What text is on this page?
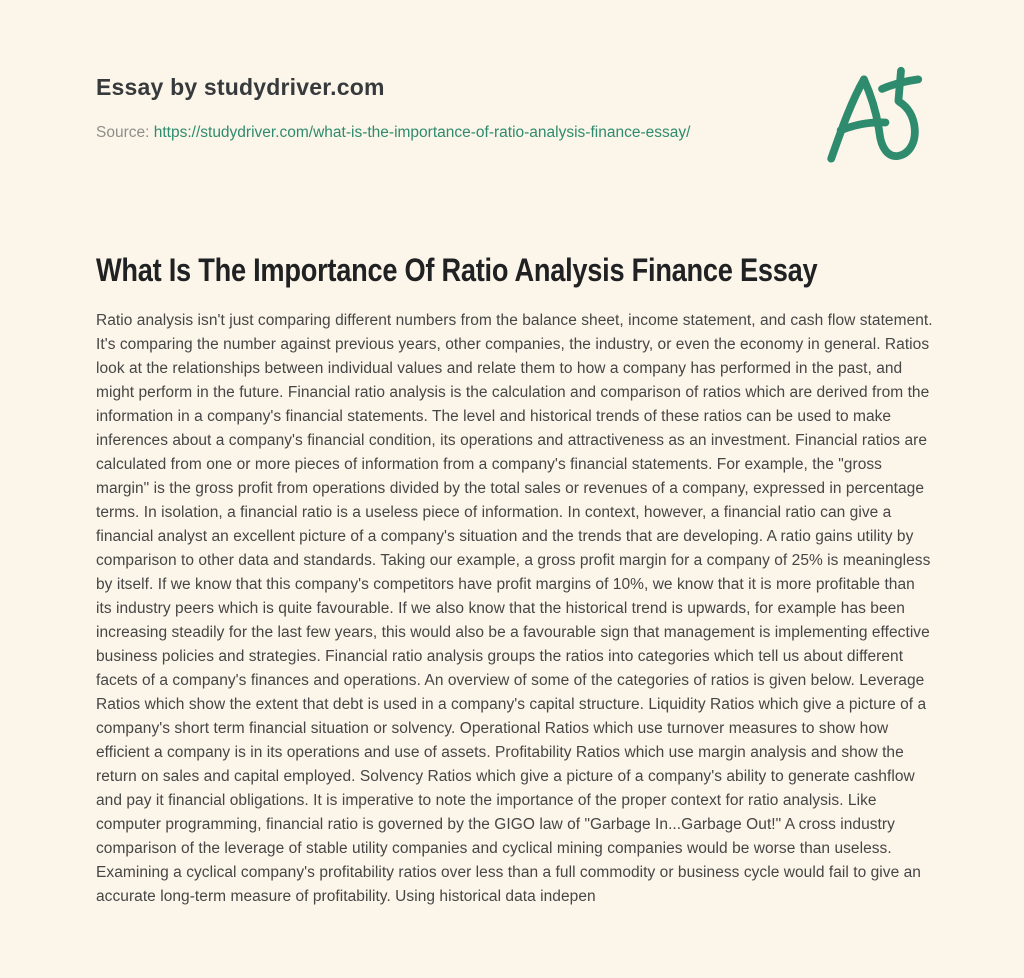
Essay by studydriver.com
Source: https://studydriver.com/what-is-the-importance-of-ratio-analysis-finance-essay/
What Is The Importance Of Ratio Analysis Finance Essay

Ratio analysis isn't just comparing different numbers from the balance sheet, income statement, and cash flow statement. It's comparing the number against previous years, other companies, the industry, or even the economy in general. Ratios look at the relationships between individual values and relate them to how a company has performed in the past, and might perform in the future. Financial ratio analysis is the calculation and comparison of ratios which are derived from the information in a company's financial statements. The level and historical trends of these ratios can be used to make inferences about a company's financial condition, its operations and attractiveness as an investment. Financial ratios are calculated from one or more pieces of information from a company's financial statements. For example, the "gross margin" is the gross profit from operations divided by the total sales or revenues of a company, expressed in percentage terms. In isolation, a financial ratio is a useless piece of information. In context, however, a financial ratio can give a financial analyst an excellent picture of a company's situation and the trends that are developing. A ratio gains utility by comparison to other data and standards. Taking our example, a gross profit margin for a company of 25% is meaningless by itself. If we know that this company's competitors have profit margins of 10%, we know that it is more profitable than its industry peers which is quite favourable. If we also know that the historical trend is upwards, for example has been increasing steadily for the last few years, this would also be a favourable sign that management is implementing effective business policies and strategies. Financial ratio analysis groups the ratios into categories which tell us about different facets of a company's finances and operations. An overview of some of the categories of ratios is given below. Leverage Ratios which show the extent that debt is used in a company's capital structure. Liquidity Ratios which give a picture of a company's short term financial situation or solvency. Operational Ratios which use turnover measures to show how efficient a company is in its operations and use of assets. Profitability Ratios which use margin analysis and show the return on sales and capital employed. Solvency Ratios which give a picture of a company's ability to generate cashflow and pay it financial obligations. It is imperative to note the importance of the proper context for ratio analysis. Like computer programming, financial ratio is governed by the GIGO law of "Garbage In...Garbage Out!" A cross industry comparison of the leverage of stable utility companies and cyclical mining companies would be worse than useless. Examining a cyclical company's profitability ratios over less than a full commodity or business cycle would fail to give an accurate long-term measure of profitability. Using historical data indepen
